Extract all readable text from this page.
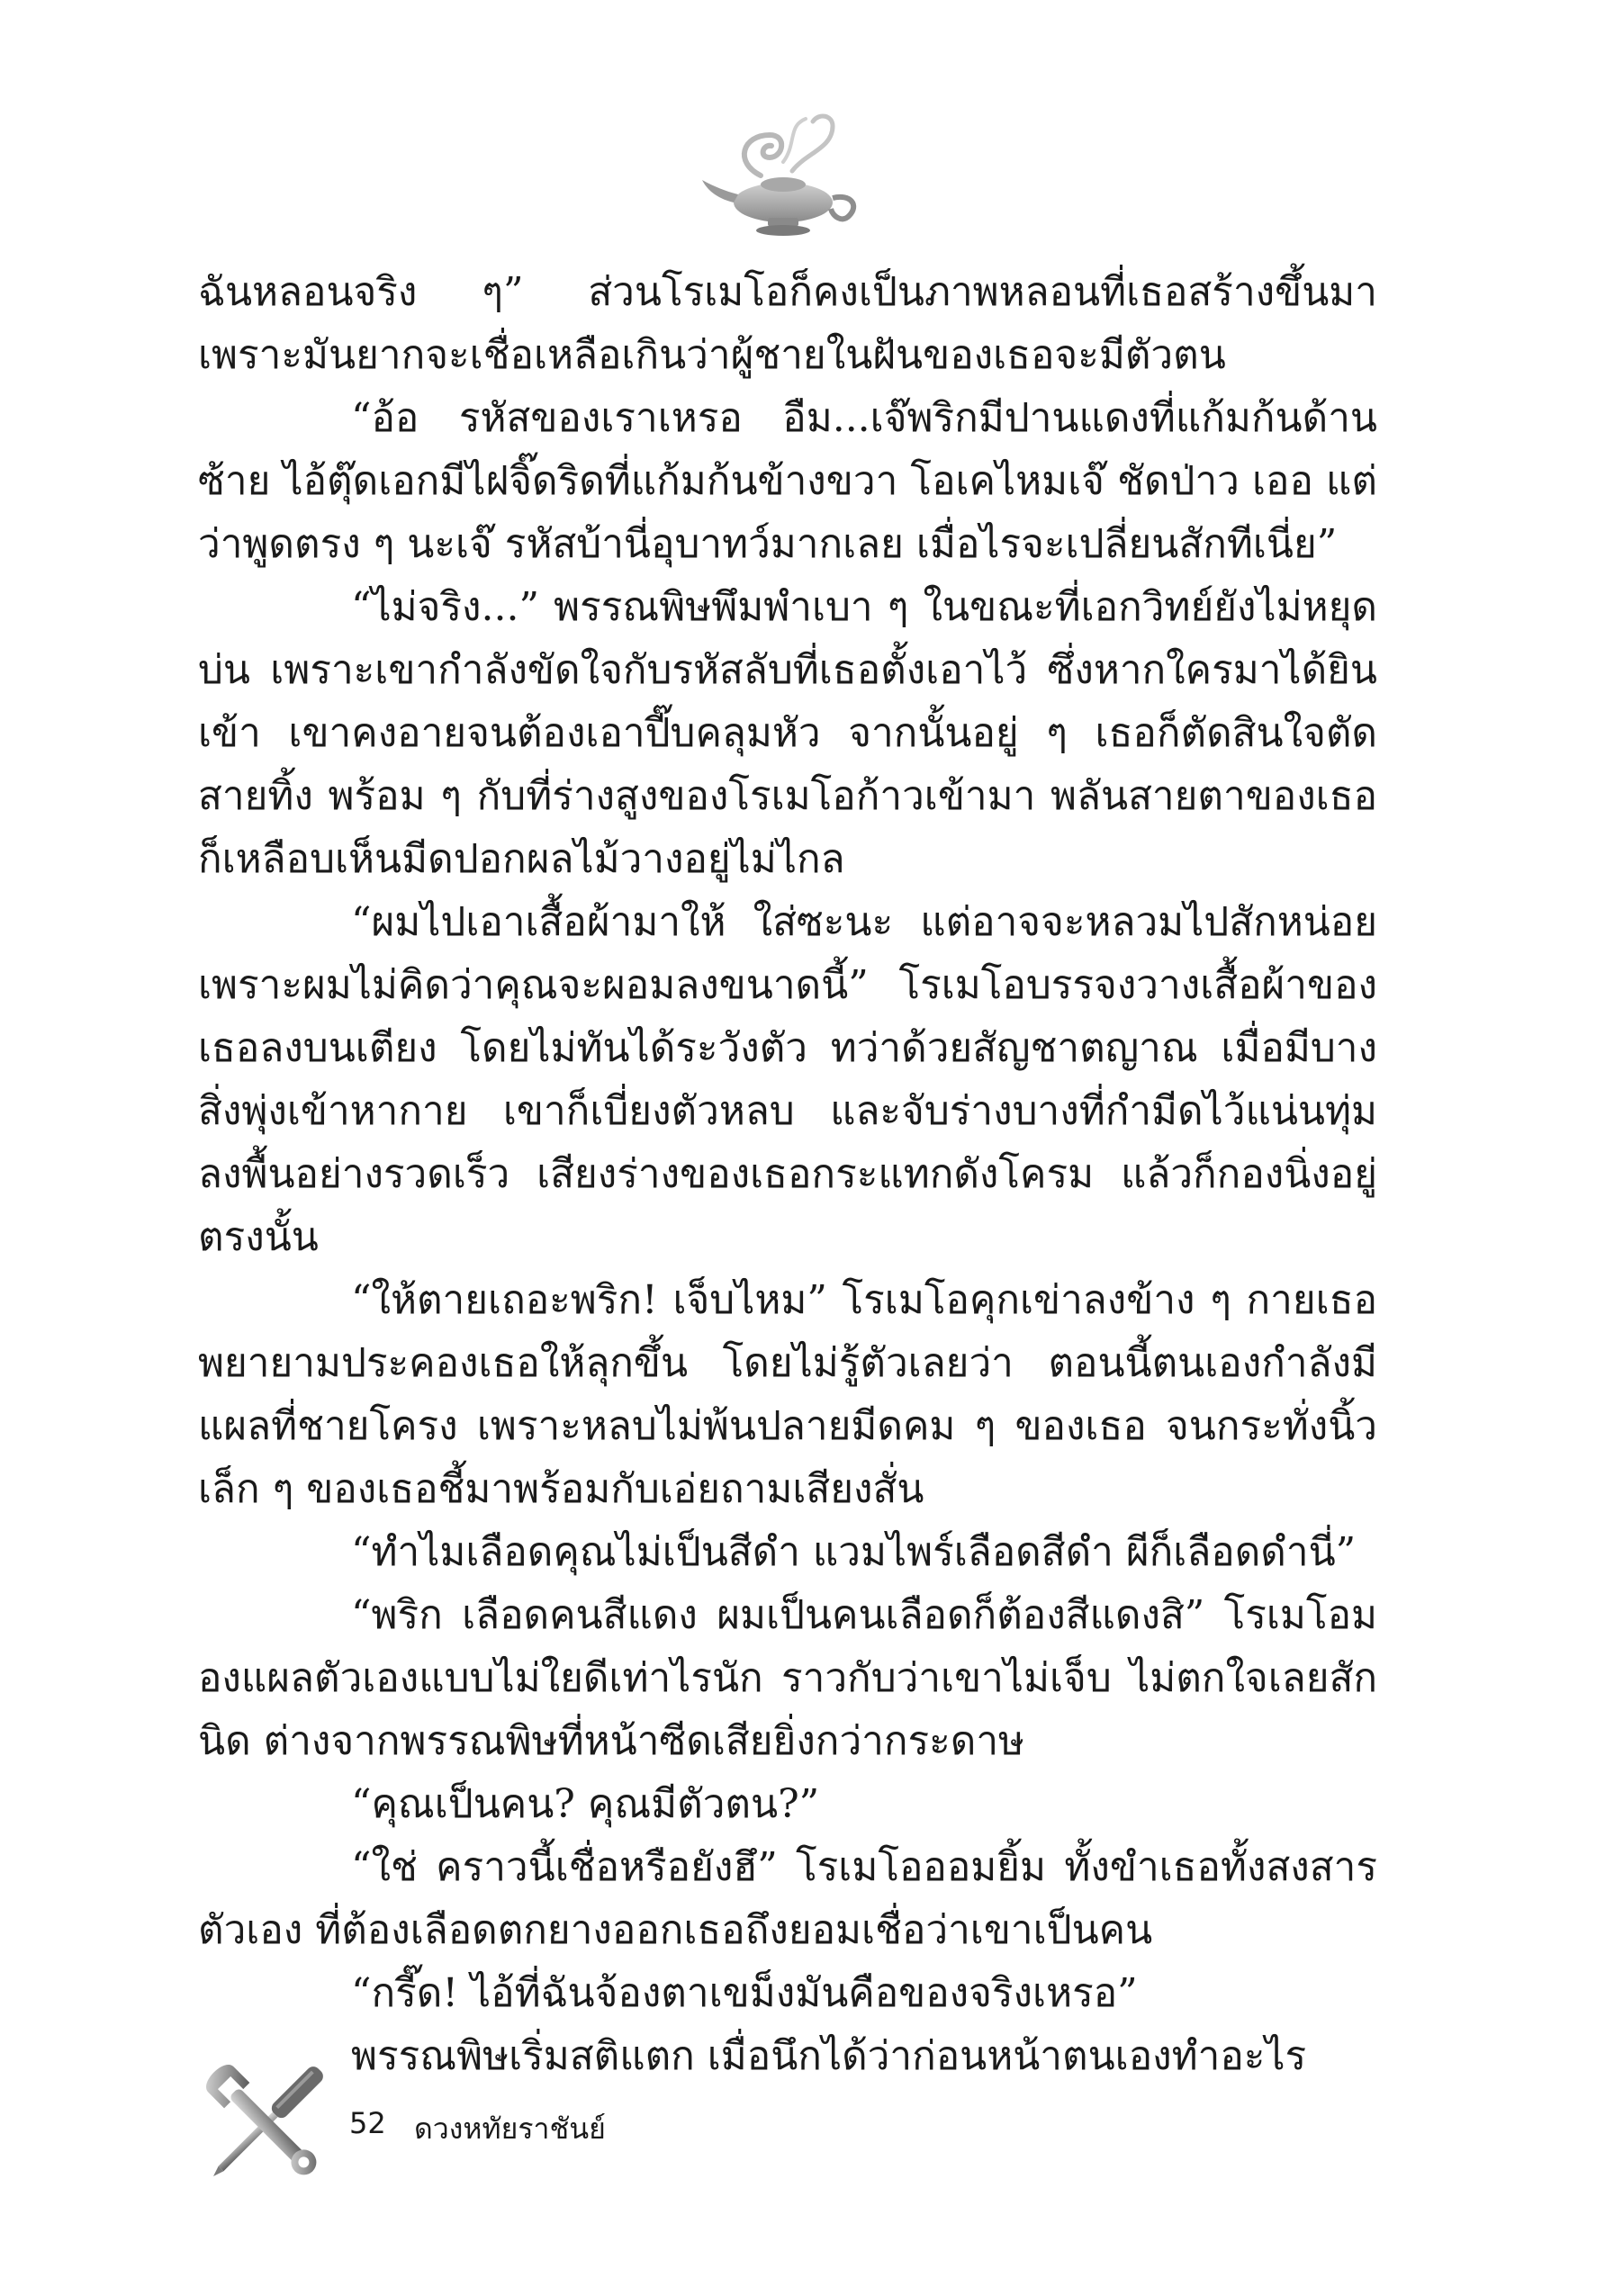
ฉันหลอนจริง ๆ” ส่วนโรเมโอก็คงเป็นภาพหลอนที่เธอสร้างขึ้นมา เพราะมันยากจะเชื่อเหลือเกินว่าผู้ชายในฝันของเธอจะมีตัวตน

“อ้อ รหัสของเราเหรอ อืม...เจ๊พริกมีปานแดงที่แก้มก้นด้านซ้าย ไอ้ตุ๊ดเอกมีไฝจิ๊ดริดที่แก้มก้นข้างขวา โอเคไหมเจ๊ ชัดป่าว เออ แต่ว่าพูดตรง ๆ นะเจ๊ รหัสบ้านี่อุบาทว์มากเลย เมื่อไรจะเปลี่ยนสักทีเนี่ย”

“ไม่จริง...” พรรณพิษพึมพำเบา ๆ ในขณะที่เอกวิทย์ยังไม่หยุดบ่น เพราะเขากำลังขัดใจกับรหัสลับที่เธอตั้งเอาไว้ ซึ่งหากใครมาได้ยินเข้า เขาคงอายจนต้องเอาปี๊บคลุมหัว จากนั้นอยู่ ๆ เธอก็ตัดสินใจตัดสายทิ้ง พร้อม ๆ กับที่ร่างสูงของโรเมโอก้าวเข้ามา พลันสายตาของเธอก็เหลือบเห็นมีดปอกผลไม้วางอยู่ไม่ไกล

“ผมไปเอาเสื้อผ้ามาให้ ใส่ซะนะ แต่อาจจะหลวมไปสักหน่อย เพราะผมไม่คิดว่าคุณจะผอมลงขนาดนี้” โรเมโอบรรจงวางเสื้อผ้าของเธอลงบนเตียง โดยไม่ทันได้ระวังตัว ทว่าด้วยสัญชาตญาณ เมื่อมีบางสิ่งพุ่งเข้าหากาย เขาก็เบี่ยงตัวหลบ และจับร่างบางที่กำมีดไว้แน่นทุ่มลงพื้นอย่างรวดเร็ว เสียงร่างของเธอกระแทกดังโครม แล้วก็กองนิ่งอยู่ตรงนั้น

“ให้ตายเถอะพริก! เจ็บไหม” โรเมโอคุกเข่าลงข้าง ๆ กายเธอ พยายามประคองเธอให้ลุกขึ้น โดยไม่รู้ตัวเลยว่า ตอนนี้ตนเองกำลังมีแผลที่ชายโครง เพราะหลบไม่พ้นปลายมีดคม ๆ ของเธอ จนกระทั่งนิ้วเล็ก ๆ ของเธอชี้มาพร้อมกับเอ่ยถามเสียงสั่น

“ทำไมเลือดคุณไม่เป็นสีดำ แวมไพร์เลือดสีดำ ผีก็เลือดดำนี่”

“พริก เลือดคนสีแดง ผมเป็นคนเลือดก็ต้องสีแดงสิ” โรเมโอมองแผลตัวเองแบบไม่ใยดีเท่าไรนัก ราวกับว่าเขาไม่เจ็บ ไม่ตกใจเลยสักนิด ต่างจากพรรณพิษที่หน้าซีดเสียยิ่งกว่ากระดาษ

“คุณเป็นคน? คุณมีตัวตน?”

“ใช่ คราวนี้เชื่อหรือยังฮึ” โรเมโอออมยิ้ม ทั้งขำเธอทั้งสงสารตัวเอง ที่ต้องเลือดตกยางออกเธอถึงยอมเชื่อว่าเขาเป็นคน

“กรี๊ด! ไอ้ที่ฉันจ้องตาเขม็งมันคือของจริงเหรอ”

พรรณพิษเริ่มสติแตก เมื่อนึกได้ว่าก่อนหน้าตนเองทำอะไร

52 ดวงหทัยราชันย์
